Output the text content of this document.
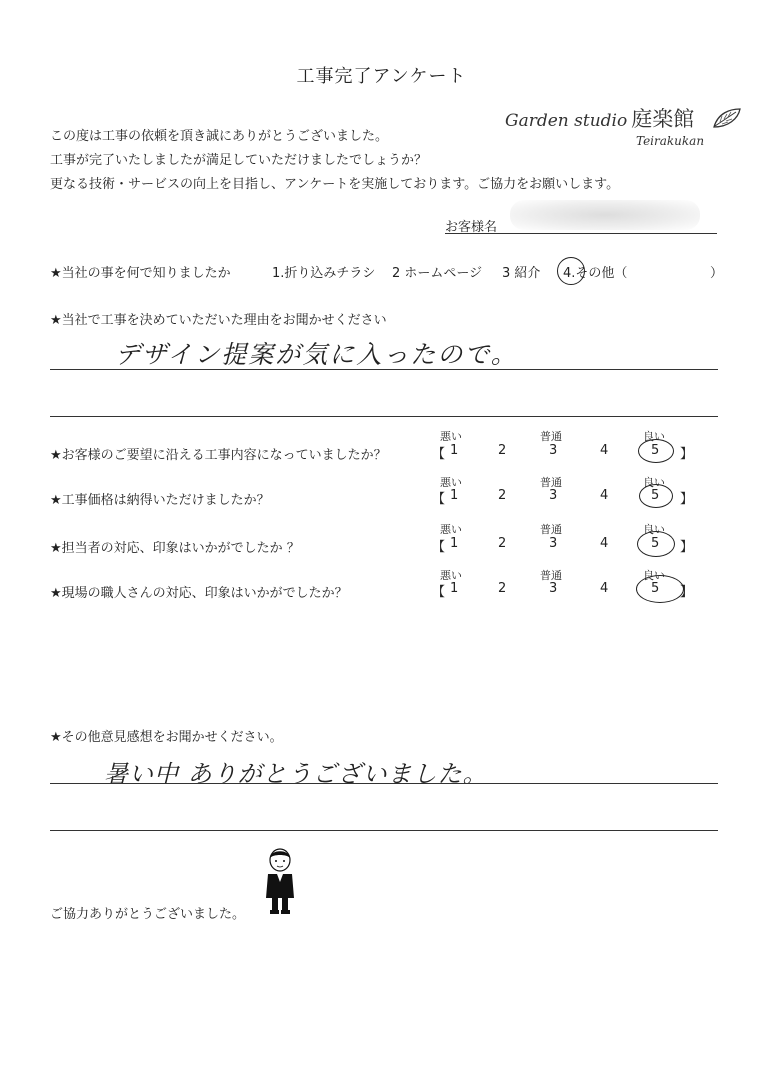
工事完了アンケート
この度は工事の依頼を頂き誠にありがとうございました。
工事が完了いたしましたが満足していただけましたでしょうか？
更なる技術・サービスの向上を目指し、アンケートを実施しております。ご協力をお願いします。
Garden studio 庭楽館
Teirakukan
お客様名
★当社の事を何で知りましたか	1.折り込みチラシ 2 ホームページ 3 紹介 4.その他（	）
★当社で工事を決めていただいた理由をお聞かせください
デザイン提案が気に入ったので。
★お客様のご要望に沿える工事内容になっていましたか？
悪い	普通	良い
【 1	2	3	4	5 】
★工事価格は納得いただけましたか？
悪い	普通	良い
【 1	2	3	4	5 】
★担当者の対応、印象はいかがでしたか ？
悪い	普通	良い
【 1	2	3	4	5 】
★現場の職人さんの対応、印象はいかがでしたか？
悪い	普通	良い
【 1	2	3	4	5 】
★その他意見感想をお聞かせください。
暑い中 ありがとうございました。
ご協力ありがとうございました。
